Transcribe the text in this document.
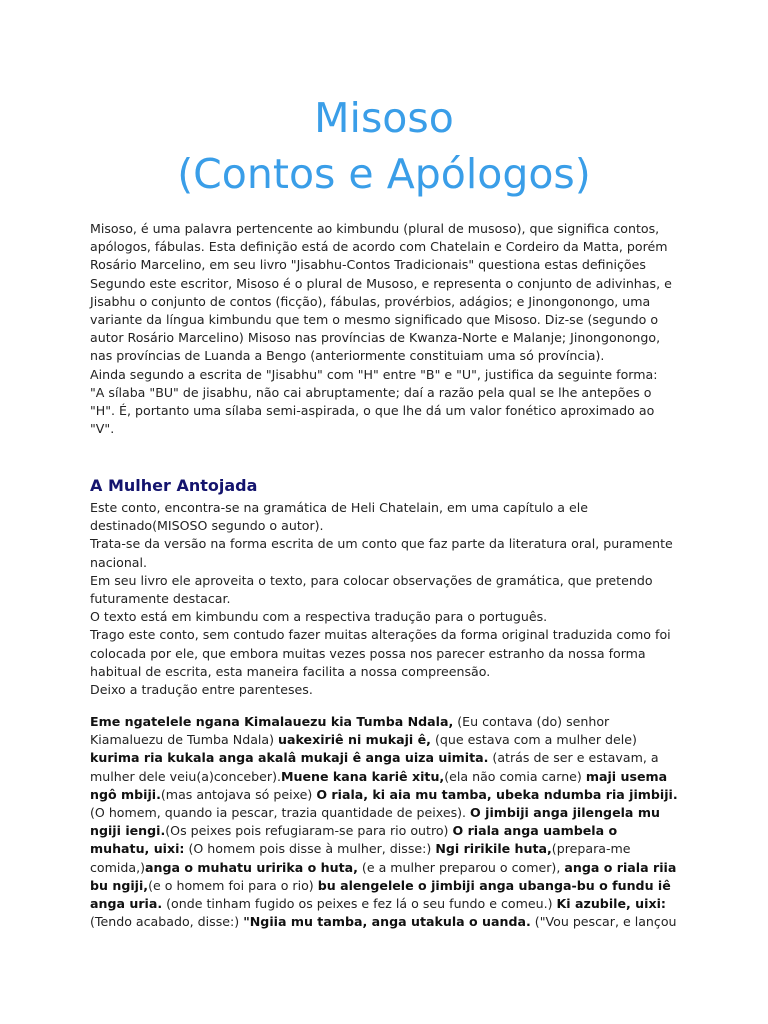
Misoso
(Contos e Apólogos)

Misoso, é uma palavra pertencente ao kimbundu (plural de musoso), que significa contos,
apólogos, fábulas. Esta definição está de acordo com Chatelain e Cordeiro da Matta, porém
Rosário Marcelino, em seu livro "Jisabhu-Contos Tradicionais" questiona estas definições
Segundo este escritor, Misoso é o plural de Musoso, e representa o conjunto de adivinhas, e
Jisabhu o conjunto de contos (ficção), fábulas, provérbios, adágios; e Jinongonongo, uma
variante da língua kimbundu que tem o mesmo significado que Misoso. Diz-se (segundo o
autor Rosário Marcelino) Misoso nas províncias de Kwanza-Norte e Malanje; Jinongonongo,
nas províncias de Luanda a Bengo (anteriormente constituiam uma só província).
Ainda segundo a escrita de "Jisabhu" com "H" entre "B" e "U", justifica da seguinte forma:
"A sílaba "BU" de jisabhu, não cai abruptamente; daí a razão pela qual se lhe antepões o
"H". É, portanto uma sílaba semi-aspirada, o que lhe dá um valor fonético aproximado ao
"V".

A Mulher Antojada

Este conto, encontra-se na gramática de Heli Chatelain, em uma capítulo a ele
destinado(MISOSO segundo o autor).
Trata-se da versão na forma escrita de um conto que faz parte da literatura oral, puramente
nacional.
Em seu livro ele aproveita o texto, para colocar observações de gramática, que pretendo
futuramente destacar.
O texto está em kimbundu com a respectiva tradução para o português.
Trago este conto, sem contudo fazer muitas alterações da forma original traduzida como foi
colocada por ele, que embora muitas vezes possa nos parecer estranho da nossa forma
habitual de escrita, esta maneira facilita a nossa compreensão.
Deixo a tradução entre parenteses.

Eme ngatelele ngana Kimalauezu kia Tumba Ndala, (Eu contava (do) senhor
Kiamaluezu de Tumba Ndala) uakexiriê ni mukaji ê, (que estava com a mulher dele)
kurima ria kukala anga akalâ mukaji ê anga uiza uimita. (atrás de ser e estavam, a
mulher dele veiu(a)conceber).Muene kana kariê xitu,(ela não comia carne) maji usema
ngô mbiji.(mas antojava só peixe) O riala, ki aia mu tamba, ubeka ndumba ria jimbiji.
(O homem, quando ia pescar, trazia quantidade de peixes). O jimbiji anga jilengela mu
ngiji iengi.(Os peixes pois refugiaram-se para rio outro) O riala anga uambela o
muhatu, uixi: (O homem pois disse à mulher, disse:) Ngi ririkile huta,(prepara-me
comida,)anga o muhatu uririka o huta, (e a mulher preparou o comer), anga o riala riia
bu ngiji,(e o homem foi para o rio) bu alengelele o jimbiji anga ubanga-bu o fundu iê
anga uria. (onde tinham fugido os peixes e fez lá o seu fundo e comeu.) Ki azubile, uixi:
(Tendo acabado, disse:) "Ngiia mu tamba, anga utakula o uanda. ("Vou pescar, e lançou
